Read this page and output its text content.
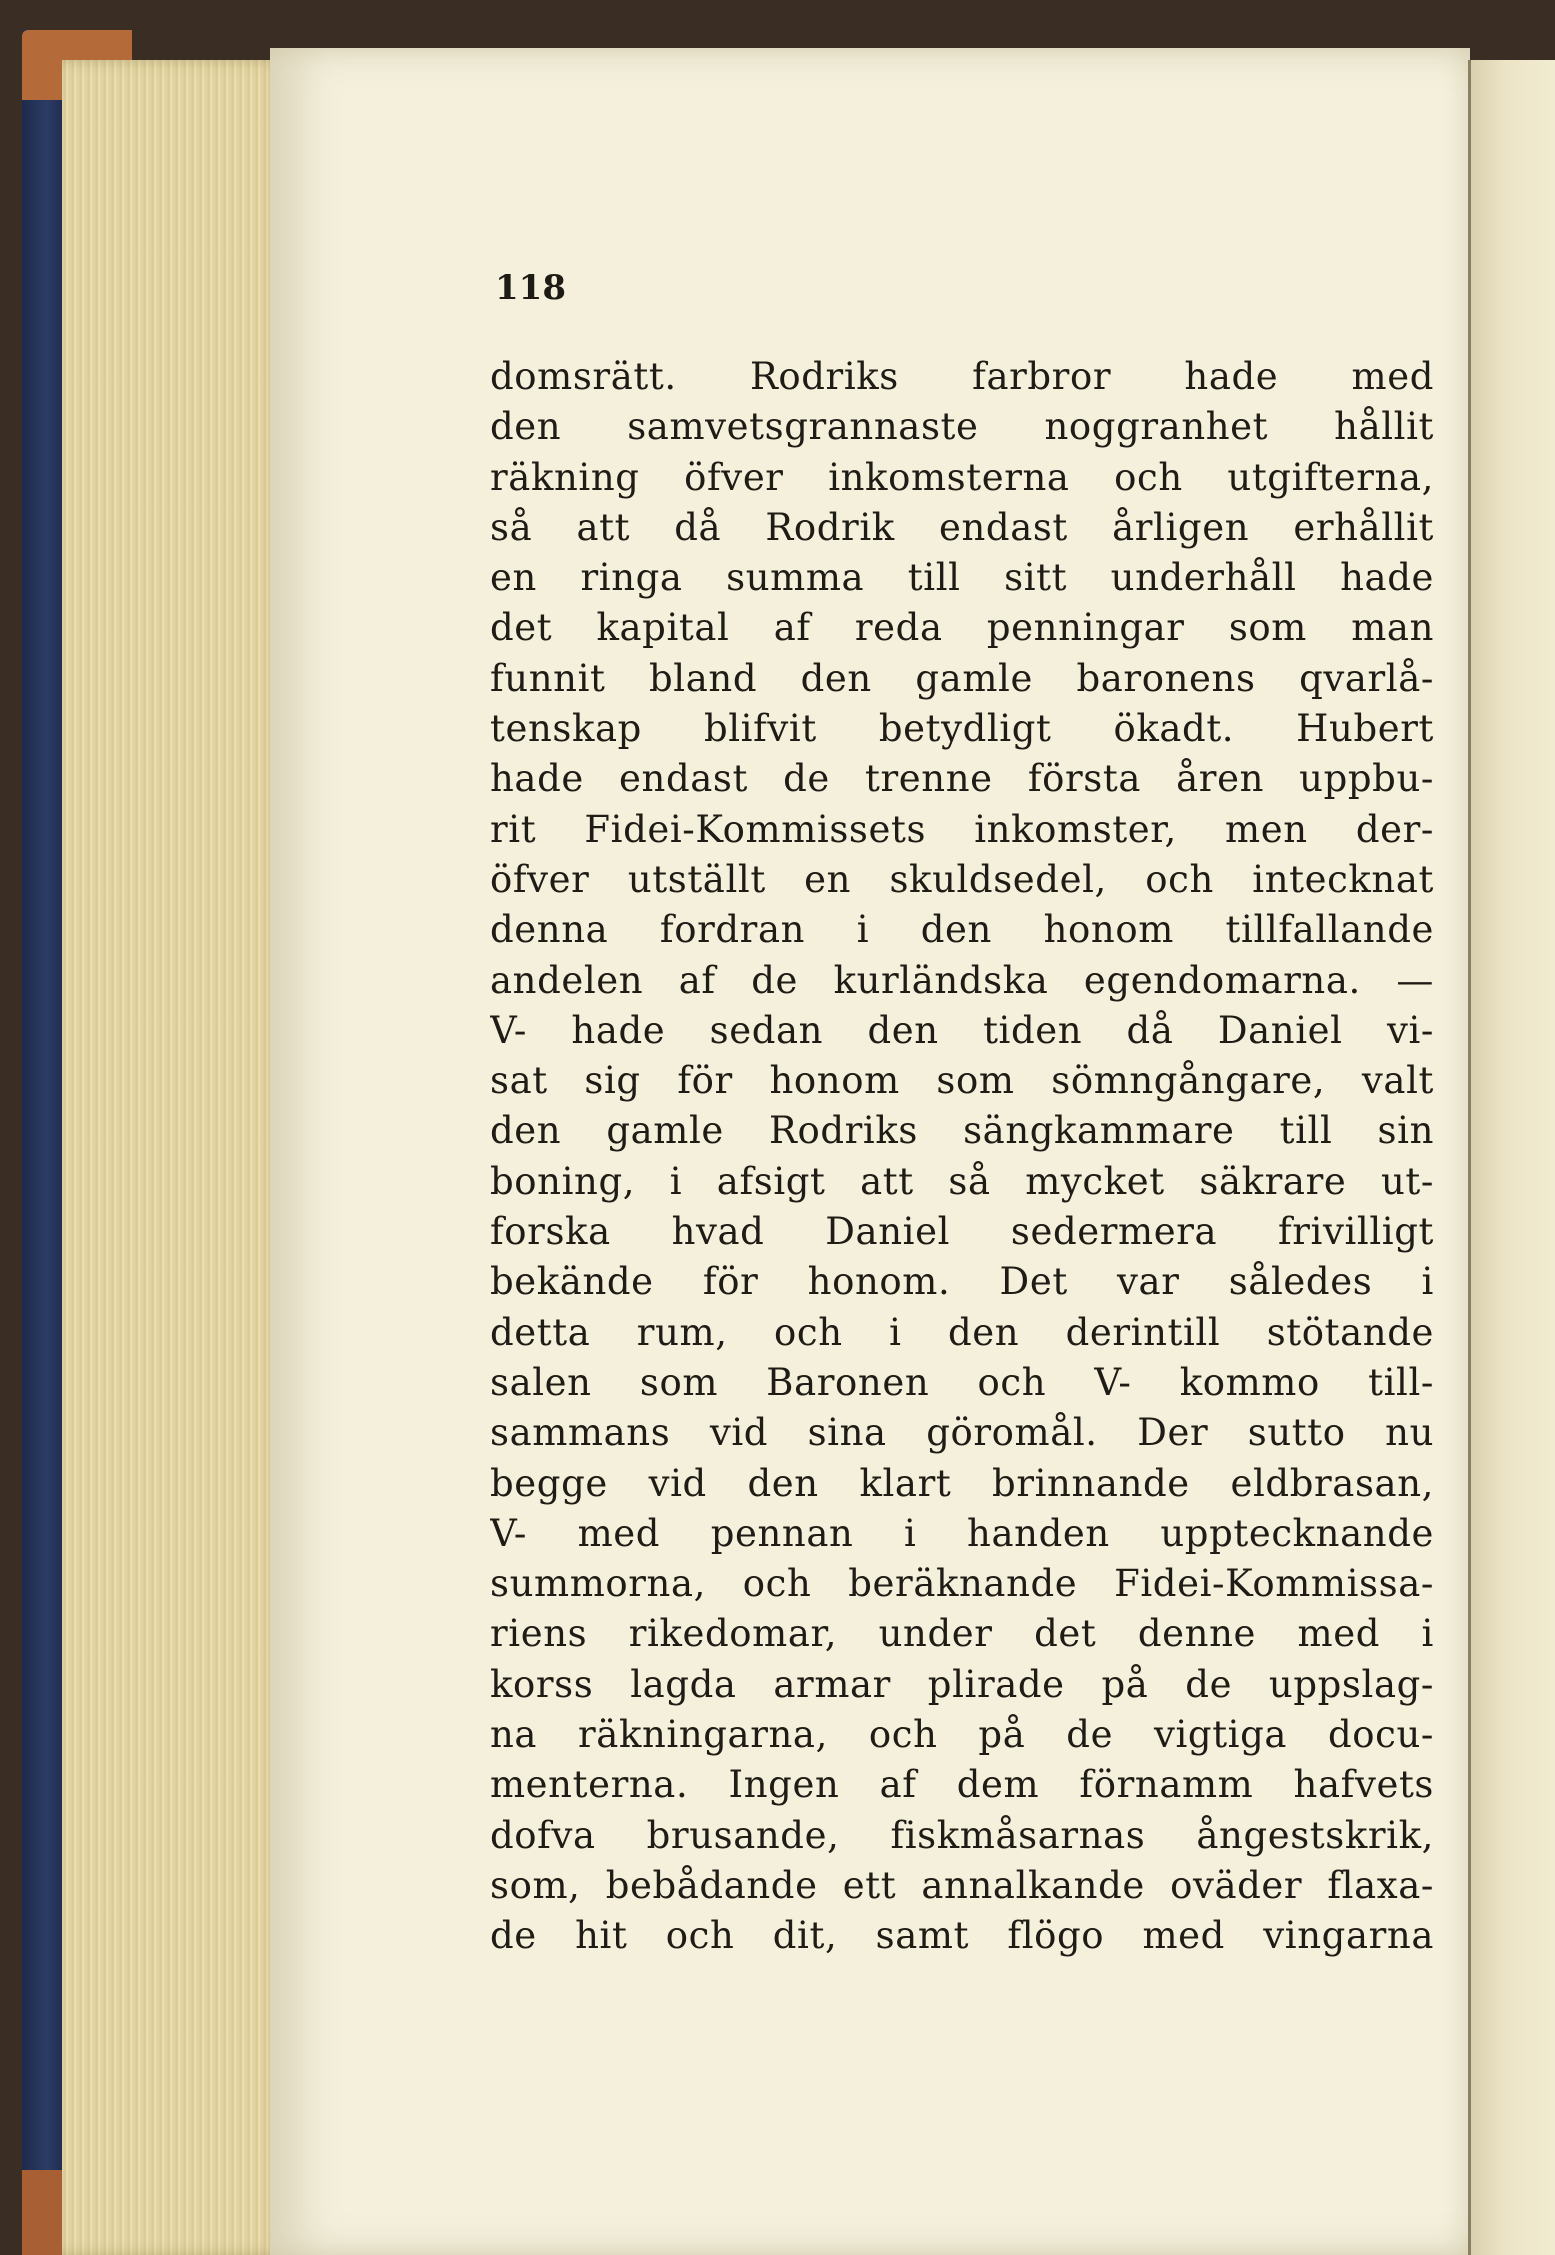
118
domsrätt. Rodriks farbror hade med
den samvetsgrannaste noggranhet hållit
räkning öfver inkomsterna och utgifterna,
så att då Rodrik endast årligen erhållit
en ringa summa till sitt underhåll hade
det kapital af reda penningar som man
funnit bland den gamle baronens qvarlå-
tenskap blifvit betydligt ökadt. Hubert
hade endast de trenne första åren uppbu-
rit Fidei-Kommissets inkomster, men der-
öfver utställt en skuldsedel, och intecknat
denna fordran i den honom tillfallande
andelen af de kurländska egendomarna. —
V- hade sedan den tiden då Daniel vi-
sat sig för honom som sömngångare, valt
den gamle Rodriks sängkammare till sin
boning, i afsigt att så mycket säkrare ut-
forska hvad Daniel sedermera frivilligt
bekände för honom. Det var således i
detta rum, och i den derintill stötande
salen som Baronen och V- kommo till-
sammans vid sina göromål. Der sutto nu
begge vid den klart brinnande eldbrasan,
V- med pennan i handen upptecknande
summorna, och beräknande Fidei-Kommissa-
riens rikedomar, under det denne med i
korss lagda armar plirade på de uppslag-
na räkningarna, och på de vigtiga docu-
menterna. Ingen af dem förnamm hafvets
dofva brusande, fiskmåsarnas ångestskrik,
som, bebådande ett annalkande oväder flaxa-
de hit och dit, samt flögo med vingarna
